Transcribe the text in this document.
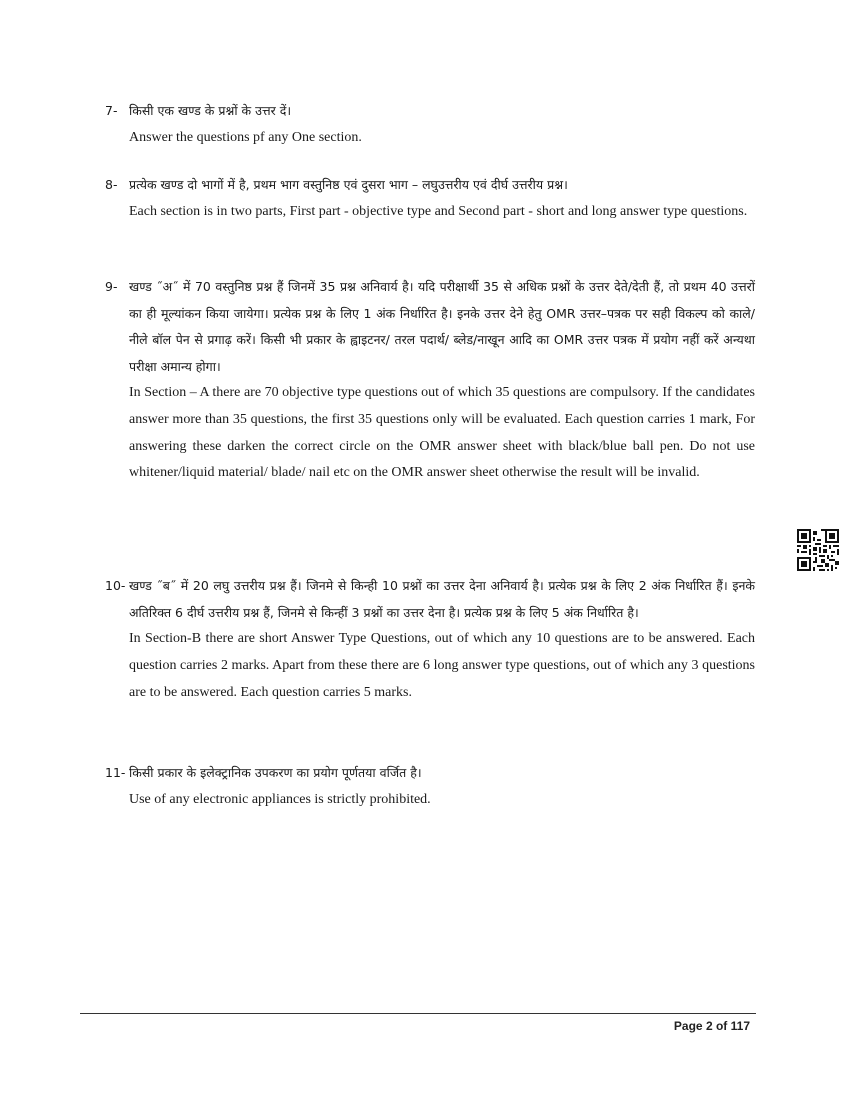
7- किसी एक खण्ड के प्रश्नों के उत्तर दें।
Answer the questions pf any One section.
8- प्रत्येक खण्ड दो भागों में है, प्रथम भाग वस्तुनिष्ठ एवं दुसरा भाग – लघुउत्तरीय एवं दीर्घ उत्तरीय प्रश्न।
Each section is in two parts, First part - objective type and Second part - short and long answer type questions.
9- खण्ड ˝अ˝ में 70 वस्तुनिष्ठ प्रश्न हैं जिनमें 35 प्रश्न अनिवार्य है। यदि परीक्षार्थी 35 से अधिक प्रश्नों के उत्तर देते/देती हैं, तो प्रथम 40 उत्तरों का ही मूल्यांकन किया जायेगा। प्रत्येक प्रश्न के लिए 1 अंक निर्धारित है। इनके उत्तर देने हेतु OMR उत्तर–पत्रक पर सही विकल्प को काले/नीले बॉल पेन से प्रगाढ़ करें। किसी भी प्रकार के ह्वाइटनर/ तरल पदार्थ/ ब्लेड/नाखून आदि का OMR उत्तर पत्रक में प्रयोग नहीं करें अन्यथा परीक्षा अमान्य होगा।
In Section – A there are 70 objective type questions out of which 35 questions are compulsory. If the candidates answer more than 35 questions, the first 35 questions only will be evaluated. Each question carries 1 mark, For answering these darken the correct circle on the OMR answer sheet with black/blue ball pen. Do not use whitener/liquid material/ blade/ nail etc on the OMR answer sheet otherwise the result will be invalid.
10- खण्ड ˝ब˝ में 20 लघु उत्तरीय प्रश्न हैं। जिनमे से किन्ही 10 प्रश्नों का उत्तर देना अनिवार्य है। प्रत्येक प्रश्न के लिए 2 अंक निर्धारित हैं। इनके अतिरिक्त 6 दीर्घ उत्तरीय प्रश्न हैं, जिनमे से किन्हीं 3 प्रश्नों का उत्तर देना है। प्रत्येक प्रश्न के लिए 5 अंक निर्धारित है।
In Section-B there are short Answer Type Questions, out of which any 10 questions are to be answered. Each question carries 2 marks. Apart from these there are 6 long answer type questions, out of which any 3 questions are to be answered. Each question carries 5 marks.
11- किसी प्रकार के इलेक्ट्रानिक उपकरण का प्रयोग पूर्णतया वर्जित है।
Use of any electronic appliances is strictly prohibited.
Page 2 of 117
